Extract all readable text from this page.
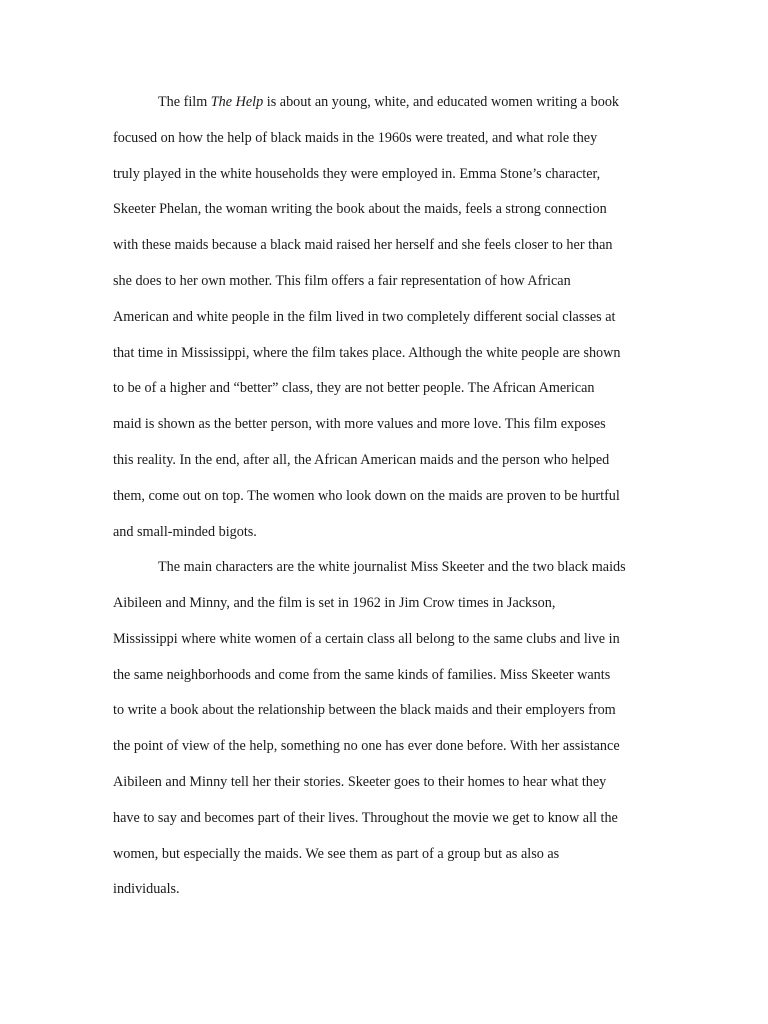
The film The Help is about an young, white, and educated women writing a book
focused on how the help of black maids in the 1960s were treated, and what role they
truly played in the white households they were employed in. Emma Stone’s character,
Skeeter Phelan, the woman writing the book about the maids, feels a strong connection
with these maids because a black maid raised her herself and she feels closer to her than
she does to her own mother. This film offers a fair representation of how African
American and white people in the film lived in two completely different social classes at
that time in Mississippi, where the film takes place. Although the white people are shown
to be of a higher and “better” class, they are not better people. The African American
maid is shown as the better person, with more values and more love. This film exposes
this reality. In the end, after all, the African American maids and the person who helped
them, come out on top. The women who look down on the maids are proven to be hurtful
and small-minded bigots.
The main characters are the white journalist Miss Skeeter and the two black maids
Aibileen and Minny, and the film is set in 1962 in Jim Crow times in Jackson,
Mississippi where white women of a certain class all belong to the same clubs and live in
the same neighborhoods and come from the same kinds of families. Miss Skeeter wants
to write a book about the relationship between the black maids and their employers from
the point of view of the help, something no one has ever done before. With her assistance
Aibileen and Minny tell her their stories. Skeeter goes to their homes to hear what they
have to say and becomes part of their lives. Throughout the movie we get to know all the
women, but especially the maids. We see them as part of a group but as also as
individuals.
